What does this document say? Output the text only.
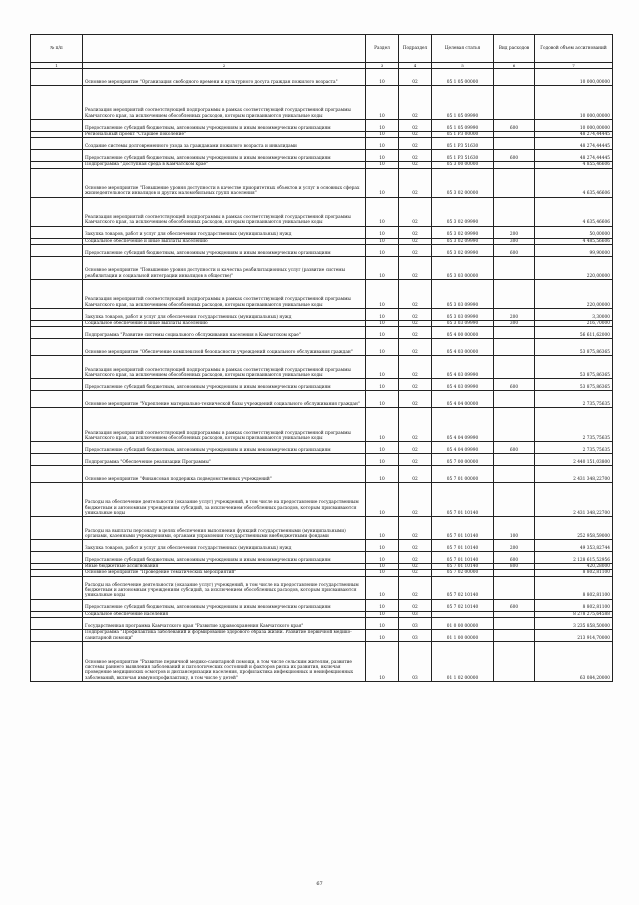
№ п/п		Раздел	Подраздел	Целевая статья	Вид расходов	Годовой объем ассигнований
1	2	3	4	5	6	7
	Основное мероприятие "Организация свободного времени и культурного досуга граждан пожилого возраста"	10	02	05 1 05 00000		10 000,00000
	Реализация мероприятий соответствующей подпрограммы в рамках соответствующей государственной программы Камчатского края, за исключением обособленных расходов, которым присваиваются уникальные коды	10	02	05 1 05 09990		10 000,00000
	Предоставление субсидий бюджетным, автономным учреждениям и иным некоммерческим организациям	10	02	05 1 05 09990	600	10 000,00000
	Региональный проект "Старшее поколение"	10	02	05 1 P3 00000		48 274,44445
	Создание системы долговременного ухода за гражданами пожилого возраста и инвалидами	10	02	05 1 P3 51630		48 274,44445
	Предоставление субсидий бюджетным, автономным учреждениям и иным некоммерческим организациям	10	02	05 1 P3 51630	600	48 274,44445
	Подпрограмма "Доступная среда в Камчатском крае"	10	02	05 3 00 00000		4 855,46606
	Основное мероприятие "Повышение уровня доступности в качестве приоритетных объектов и услуг в основных сферах жизнедеятельности инвалидов и других маломобильных групп населения"	10	02	05 3 02 00000		4 635,46606
	Реализация мероприятий соответствующей подпрограммы в рамках соответствующей государственной программы Камчатского края, за исключением обособленных расходов, которым присваиваются уникальные коды	10	02	05 3 02 09990		4 635,46606
	Закупка товаров, работ и услуг для обеспечения государственных (муниципальных) нужд	10	02	05 3 02 09990	200	50,00000
	Социальное обеспечение и иные выплаты населению	10	02	05 3 02 09990	300	4 485,56606
	Предоставление субсидий бюджетным, автономным учреждениям и иным некоммерческим организациям	10	02	05 3 02 09990	600	99,90000
	Основное мероприятие "Повышение уровня доступности и качества реабилитационных услуг (развитие системы реабилитации и социальной интеграции инвалидов в обществе)"	10	02	05 3 03 00000		220,00000
	Реализация мероприятий соответствующей подпрограммы в рамках соответствующей государственной программы Камчатского края, за исключением обособленных расходов, которым присваиваются уникальные коды	10	02	05 3 03 09990		220,00000
	Закупка товаров, работ и услуг для обеспечения государственных (муниципальных) нужд	10	02	05 3 03 09990	200	3,30000
	Социальное обеспечение и иные выплаты населению	10	02	05 3 03 09990	300	216,70000
	Подпрограмма "Развитие системы социального обслуживания населения в Камчатском крае"	10	02	05 4 00 00000		56 611,62000
	Основное мероприятие "Обеспечение комплексной безопасности учреждений социального обслуживания граждан"	10	02	05 4 03 00000		53 875,86365
	Реализация мероприятий соответствующей подпрограммы в рамках соответствующей государственной программы Камчатского края, за исключением обособленных расходов, которым присваиваются уникальные коды	10	02	05 4 03 09990		53 875,86365
	Предоставление субсидий бюджетным, автономным учреждениям и иным некоммерческим организациям	10	02	05 4 03 09990	600	53 875,86365
	Основное мероприятие "Укрепление материально-технической базы учреждений социального обслуживания граждан"	10	02	05 4 04 00000		2 735,75635
	Реализация мероприятий соответствующей подпрограммы в рамках соответствующей государственной программы Камчатского края, за исключением обособленных расходов, которым присваиваются уникальные коды	10	02	05 4 04 09990		2 735,75635
	Предоставление субсидий бюджетным, автономным учреждениям и иным некоммерческим организациям	10	02	05 4 04 09990	600	2 735,75635
	Подпрограмма "Обеспечение реализации Программы"	10	02	05 7 00 00000		2 440 151,03800
	Основное мероприятие "Финансовая поддержка подведомственных учреждений"	10	02	05 7 01 00000		2 431 348,22700
	Расходы на обеспечение деятельности (оказание услуг) учреждений, в том числе на предоставление государственным бюджетным и автономным учреждениям субсидий, за исключением обособленных расходов, которым присваиваются уникальные коды	10	02	05 7 01 10140		2 431 348,22700
	Расходы на выплаты персоналу в целях обеспечения выполнения функций государственными (муниципальными) органами, казенными учреждениями, органами управления государственными внебюджетными фондами	10	02	05 7 01 10140	100	252 958,59000
	Закупка товаров, работ и услуг для обеспечения государственных (муниципальных) нужд	10	02	05 7 01 10140	200	49 353,82744
	Предоставление субсидий бюджетным, автономным учреждениям и иным некоммерческим организациям	10	02	05 7 01 10140	600	2 128 615,52956
	Иные бюджетные ассигнования	10	02	05 7 01 10140	800	420,28000
	Основное мероприятие "Проведение тематических мероприятий"	10	02	05 7 02 00000		8 802,81100
	Расходы на обеспечение деятельности (оказание услуг) учреждений, в том числе на предоставление государственным бюджетным и автономным учреждениям субсидий, за исключением обособленных расходов, которым присваиваются уникальные коды	10	02	05 7 02 10140		8 802,81100
	Предоставление субсидий бюджетным, автономным учреждениям и иным некоммерческим организациям	10	02	05 7 02 10140	600	8 802,81100
	Социальное обеспечение населения	10	03			8 278 275,64588
	Государственная программа Камчатского края "Развитие здравоохранения Камчатского края"	10	03	01 0 00 00000		3 235 858,50000
	Подпрограмма "Профилактика заболеваний и формирование здорового образа жизни. Развитие первичной медико-санитарной помощи"	10	03	01 1 00 00000		213 914,70000
	Основное мероприятие "Развитие первичной медико-санитарной помощи, в том числе сельским жителям, развитие системы раннего выявления заболеваний и патологических состояний и факторов риска их развития, включая проведение медицинских осмотров и диспансеризации населения, профилактика инфекционных и неинфекционных заболеваний, включая иммунопрофилактику, в том числе у детей"	10	03	01 1 02 00000		63 084,20000
67
